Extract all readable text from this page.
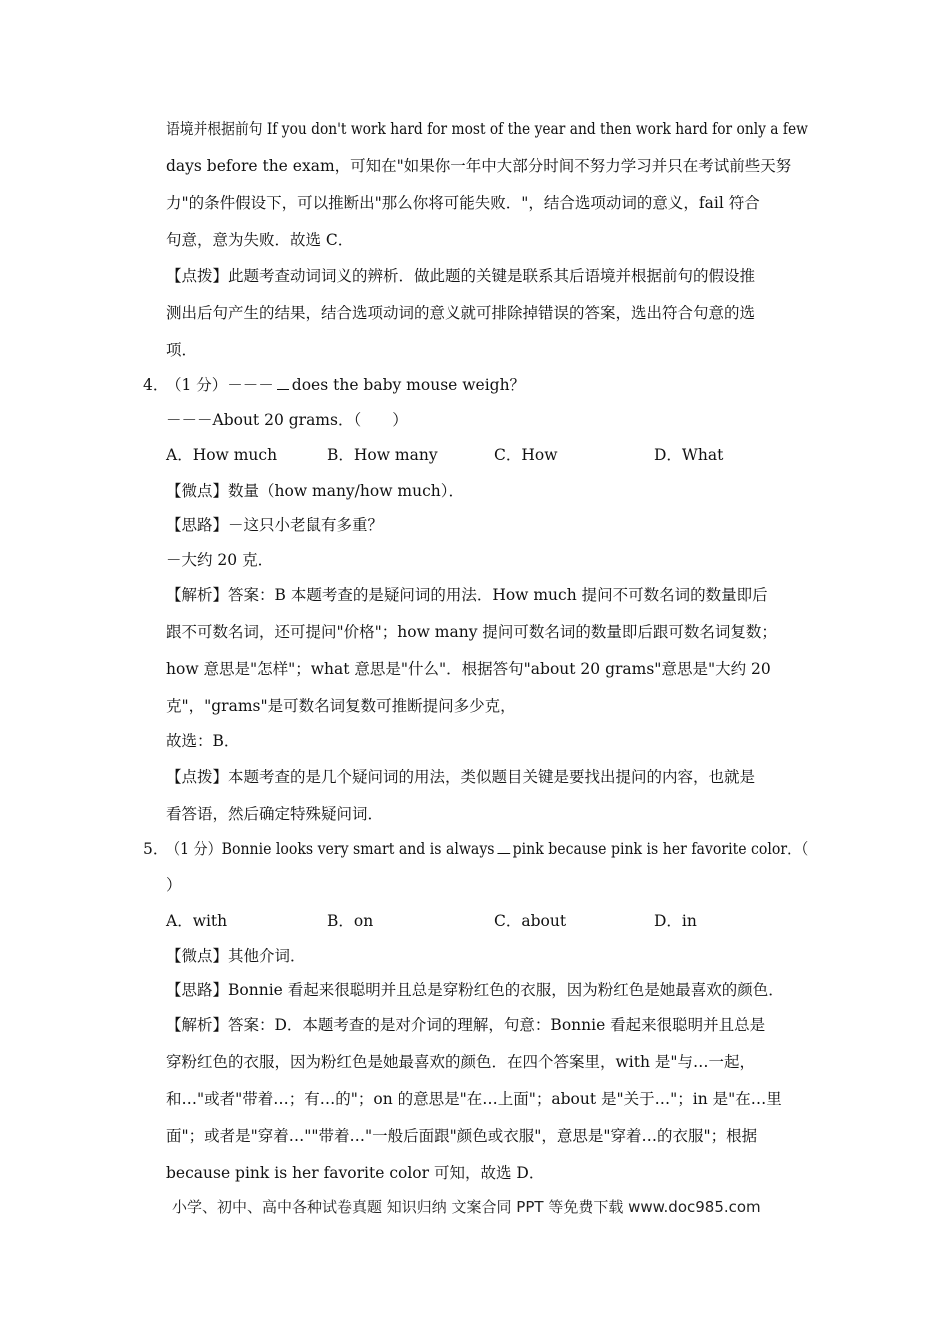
语境并根据前句 If you don't work hard for most of the year and then work hard for only a few
days before the exam，可知在"如果你一年中大部分时间不努力学习并只在考试前些天努
力"的条件假设下，可以推断出"那么你将可能失败．"，结合选项动词的意义，fail 符合
句意，意为失败．故选 C．
【点拨】此题考查动词词义的辨析．做此题的关键是联系其后语境并根据前句的假设推
测出后句产生的结果，结合选项动词的意义就可排除掉错误的答案，选出符合句意的选
项．
4．
（1 分）－－－ does the baby mouse weigh？
－－－About 20 grams．（　　）
A．How much	B．How many	C．How	D．What
【微点】数量（how many/how much）．
【思路】－这只小老鼠有多重？
－大约 20 克．
【解析】答案：B 本题考查的是疑问词的用法．How much 提问不可数名词的数量即后
跟不可数名词，还可提问"价格"；how many 提问可数名词的数量即后跟可数名词复数；
how 意思是"怎样"；what 意思是"什么"．根据答句"about 20 grams"意思是"大约 20
克"，"grams"是可数名词复数可推断提问多少克，
故选：B．
【点拨】本题考查的是几个疑问词的用法，类似题目关键是要找出提问的内容，也就是
看答语，然后确定特殊疑问词．
5．
（1 分）Bonnie looks very smart and is always pink because pink is her favorite color．（
）
A．with	B．on	C．about	D．in
【微点】其他介词．
【思路】Bonnie 看起来很聪明并且总是穿粉红色的衣服，因为粉红色是她最喜欢的颜色．
【解析】答案：D．本题考查的是对介词的理解，句意：Bonnie 看起来很聪明并且总是
穿粉红色的衣服，因为粉红色是她最喜欢的颜色．在四个答案里，with 是"与…一起，
和…"或者"带着…；有…的"；on 的意思是"在…上面"；about 是"关于…"；in 是"在…里
面"；或者是"穿着…""带着…"一般后面跟"颜色或衣服"，意思是"穿着…的衣服"；根据
because pink is her favorite color 可知，故选 D．
小学、初中、高中各种试卷真题 知识归纳 文案合同 PPT 等免费下载 www.doc985.com
